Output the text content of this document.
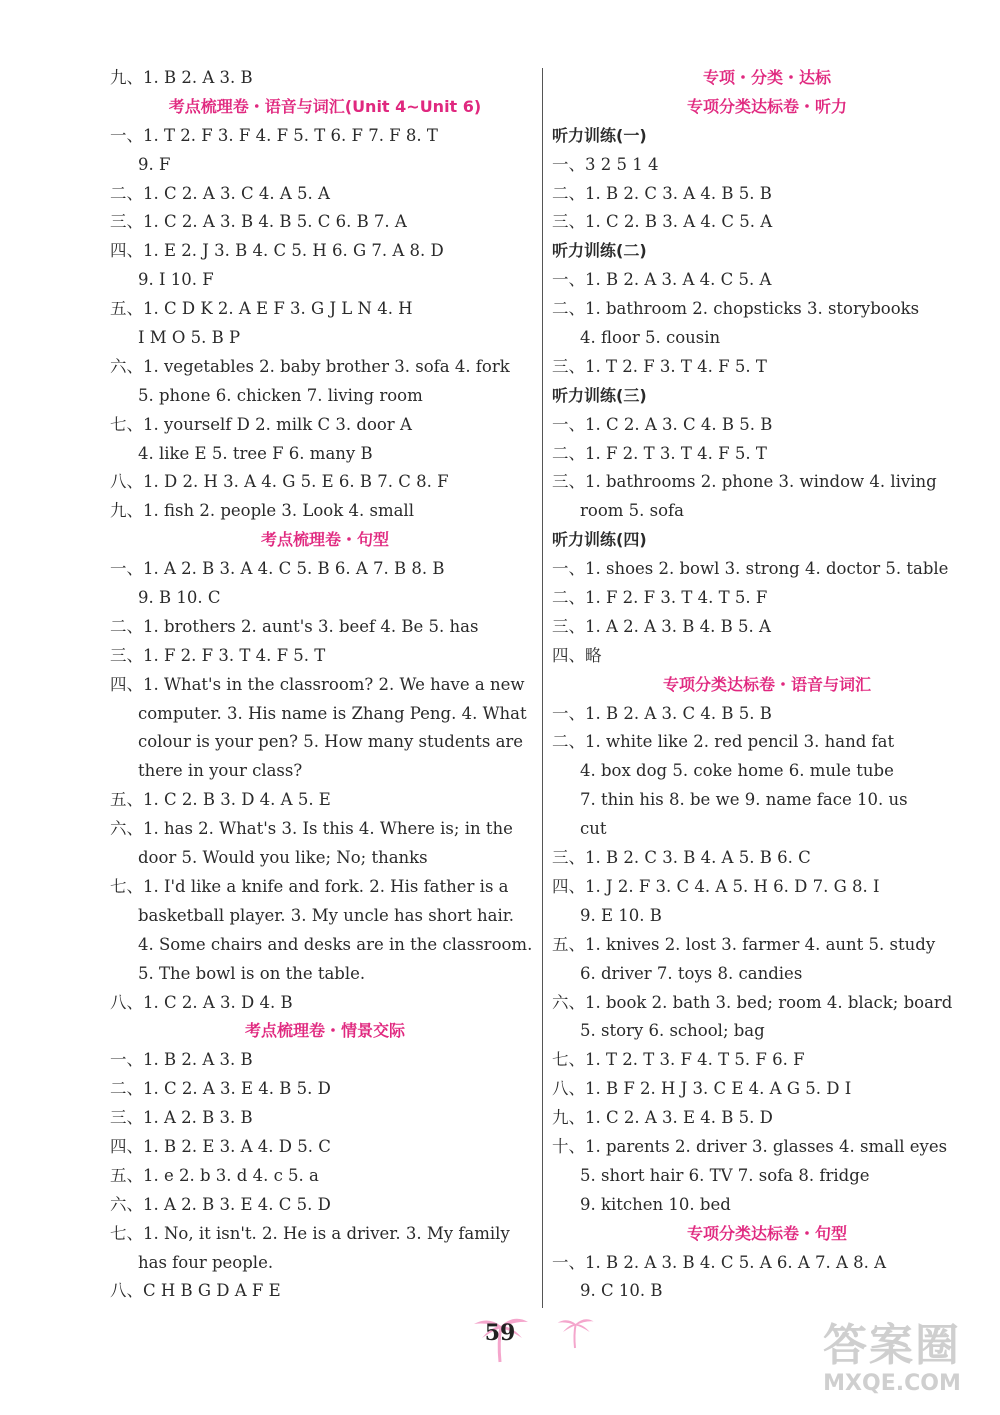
九、1. B 2. A 3. B
考点梳理卷・语音与词汇(Unit 4~Unit 6)
一、1. T 2. F 3. F 4. F 5. T 6. F 7. F 8. T
9. F
二、1. C 2. A 3. C 4. A 5. A
三、1. C 2. A 3. B 4. B 5. C 6. B 7. A
四、1. E 2. J 3. B 4. C 5. H 6. G 7. A 8. D
9. I 10. F
五、1. C D K 2. A E F 3. G J L N 4. H
I M O 5. B P
六、1. vegetables 2. baby brother 3. sofa 4. fork
5. phone 6. chicken 7. living room
七、1. yourself D 2. milk C 3. door A
4. like E 5. tree F 6. many B
八、1. D 2. H 3. A 4. G 5. E 6. B 7. C 8. F
九、1. fish 2. people 3. Look 4. small
考点梳理卷・句型
一、1. A 2. B 3. A 4. C 5. B 6. A 7. B 8. B
9. B 10. C
二、1. brothers 2. aunt's 3. beef 4. Be 5. has
三、1. F 2. F 3. T 4. F 5. T
四、1. What's in the classroom? 2. We have a new
computer. 3. His name is Zhang Peng. 4. What
colour is your pen? 5. How many students are
there in your class?
五、1. C 2. B 3. D 4. A 5. E
六、1. has 2. What's 3. Is this 4. Where is; in the
door 5. Would you like; No; thanks
七、1. I'd like a knife and fork. 2. His father is a
basketball player. 3. My uncle has short hair.
4. Some chairs and desks are in the classroom.
5. The bowl is on the table.
八、1. C 2. A 3. D 4. B
考点梳理卷・情景交际
一、1. B 2. A 3. B
二、1. C 2. A 3. E 4. B 5. D
三、1. A 2. B 3. B
四、1. B 2. E 3. A 4. D 5. C
五、1. e 2. b 3. d 4. c 5. a
六、1. A 2. B 3. E 4. C 5. D
七、1. No, it isn't. 2. He is a driver. 3. My family
has four people.
八、C H B G D A F E
专项・分类・达标
专项分类达标卷・听力
听力训练(一)
一、3 2 5 1 4
二、1. B 2. C 3. A 4. B 5. B
三、1. C 2. B 3. A 4. C 5. A
听力训练(二)
一、1. B 2. A 3. A 4. C 5. A
二、1. bathroom 2. chopsticks 3. storybooks
4. floor 5. cousin
三、1. T 2. F 3. T 4. F 5. T
听力训练(三)
一、1. C 2. A 3. C 4. B 5. B
二、1. F 2. T 3. T 4. F 5. T
三、1. bathrooms 2. phone 3. window 4. living
room 5. sofa
听力训练(四)
一、1. shoes 2. bowl 3. strong 4. doctor 5. table
二、1. F 2. F 3. T 4. T 5. F
三、1. A 2. A 3. B 4. B 5. A
四、略
专项分类达标卷・语音与词汇
一、1. B 2. A 3. C 4. B 5. B
二、1. white like 2. red pencil 3. hand fat
4. box dog 5. coke home 6. mule tube
7. thin his 8. be we 9. name face 10. us
cut
三、1. B 2. C 3. B 4. A 5. B 6. C
四、1. J 2. F 3. C 4. A 5. H 6. D 7. G 8. I
9. E 10. B
五、1. knives 2. lost 3. farmer 4. aunt 5. study
6. driver 7. toys 8. candies
六、1. book 2. bath 3. bed; room 4. black; board
5. story 6. school; bag
七、1. T 2. T 3. F 4. T 5. F 6. F
八、1. B F 2. H J 3. C E 4. A G 5. D I
九、1. C 2. A 3. E 4. B 5. D
十、1. parents 2. driver 3. glasses 4. small eyes
5. short hair 6. TV 7. sofa 8. fridge
9. kitchen 10. bed
专项分类达标卷・句型
一、1. B 2. A 3. B 4. C 5. A 6. A 7. A 8. A
9. C 10. B
59	答案圈
MXQE.COM
